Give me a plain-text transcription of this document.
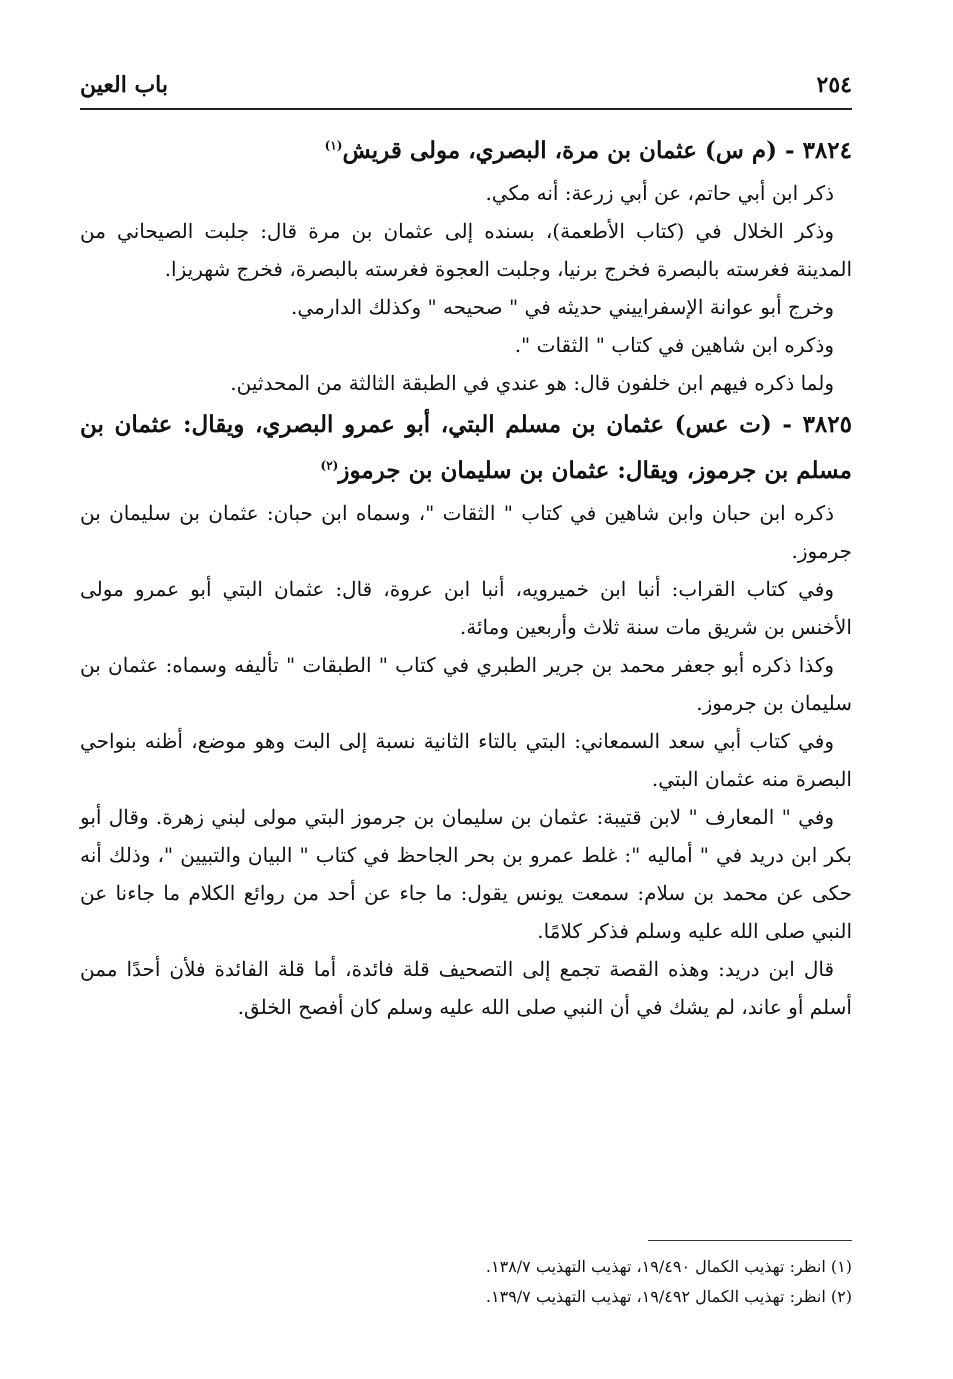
٢٥٤
باب العين

٣٨٢٤ - (م س) عثمان بن مرة، البصري، مولى قريش$^{(١)}$

ذكر ابن أبي حاتم، عن أبي زرعة: أنه مكي.

وذكر الخلال في (كتاب الأطعمة)، بسنده إلى عثمان بن مرة قال: جلبت الصيحاني من المدينة فغرسته بالبصرة فخرج برنيا، وجلبت العجوة فغرسته بالبصرة، فخرج شهريزا.

وخرج أبو عوانة الإسفراييني حديثه في " صحيحه " وكذلك الدارمي.

وذكره ابن شاهين في كتاب " الثقات ".

ولما ذكره فيهم ابن خلفون قال: هو عندي في الطبقة الثالثة من المحدثين.

٣٨٢٥ - (ت عس) عثمان بن مسلم البتي، أبو عمرو البصري، ويقال: عثمان بن مسلم بن جرموز، ويقال: عثمان بن سليمان بن جرموز$^{(٢)}$

ذكره ابن حبان وابن شاهين في كتاب " الثقات "، وسماه ابن حبان: عثمان بن سليمان بن جرموز.

وفي كتاب القراب: أنبا ابن خميرويه، أنبا ابن عروة، قال: عثمان البتي أبو عمرو مولى الأخنس بن شريق مات سنة ثلاث وأربعين ومائة.

وكذا ذكره أبو جعفر محمد بن جرير الطبري في كتاب " الطبقات " تأليفه وسماه: عثمان بن سليمان بن جرموز.

وفي كتاب أبي سعد السمعاني: البتي بالتاء الثانية نسبة إلى البت وهو موضع، أظنه بنواحي البصرة منه عثمان البتي.

وفي " المعارف " لابن قتيبة: عثمان بن سليمان بن جرموز البتي مولى لبني زهرة. وقال أبو بكر ابن دريد في " أماليه ": غلط عمرو بن بحر الجاحظ في كتاب " البيان والتبيين "، وذلك أنه حكى عن محمد بن سلام: سمعت يونس يقول: ما جاء عن أحد من روائع الكلام ما جاءنا عن النبي صلى الله عليه وسلم فذكر كلامًا.

قال ابن دريد: وهذه القصة تجمع إلى التصحيف قلة فائدة، أما قلة الفائدة فلأن أحدًا ممن أسلم أو عاند، لم يشك في أن النبي صلى الله عليه وسلم كان أفصح الخلق.

(١) انظر: تهذيب الكمال ١٩/٤٩٠، تهذيب التهذيب ١٣٨/٧.

(٢) انظر: تهذيب الكمال ١٩/٤٩٢، تهذيب التهذيب ١٣٩/٧.
